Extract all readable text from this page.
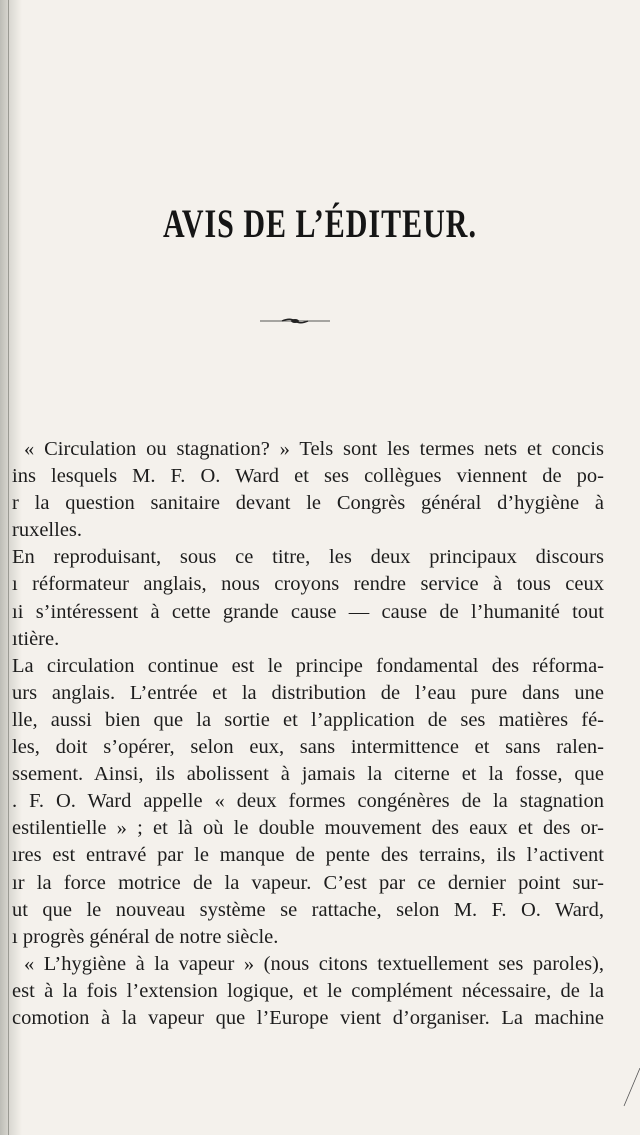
AVIS DE L’ÉDITEUR.
« Circulation ou stagnation? » Tels sont les termes nets et concis
ins lesquels M. F. O. Ward et ses collègues viennent de po-
r la question sanitaire devant le Congrès général d’hygiène à
ruxelles.
En reproduisant, sous ce titre, les deux principaux discours
ı réformateur anglais, nous croyons rendre service à tous ceux
ıi s’intéressent à cette grande cause — cause de l’humanité tout
ıtière.
La circulation continue est le principe fondamental des réforma-
urs anglais. L’entrée et la distribution de l’eau pure dans une
lle, aussi bien que la sortie et l’application de ses matières fé-
les, doit s’opérer, selon eux, sans intermittence et sans ralen-
ssement. Ainsi, ils abolissent à jamais la citerne et la fosse, que
. F. O. Ward appelle « deux formes congénères de la stagnation
estilentielle » ; et là où le double mouvement des eaux et des or-
ıres est entravé par le manque de pente des terrains, ils l’activent
ır la force motrice de la vapeur. C’est par ce dernier point sur-
ut que le nouveau système se rattache, selon M. F. O. Ward,
ı progrès général de notre siècle.
« L’hygiène à la vapeur » (nous citons textuellement ses paroles),
est à la fois l’extension logique, et le complément nécessaire, de la
comotion à la vapeur que l’Europe vient d’organiser. La machine
